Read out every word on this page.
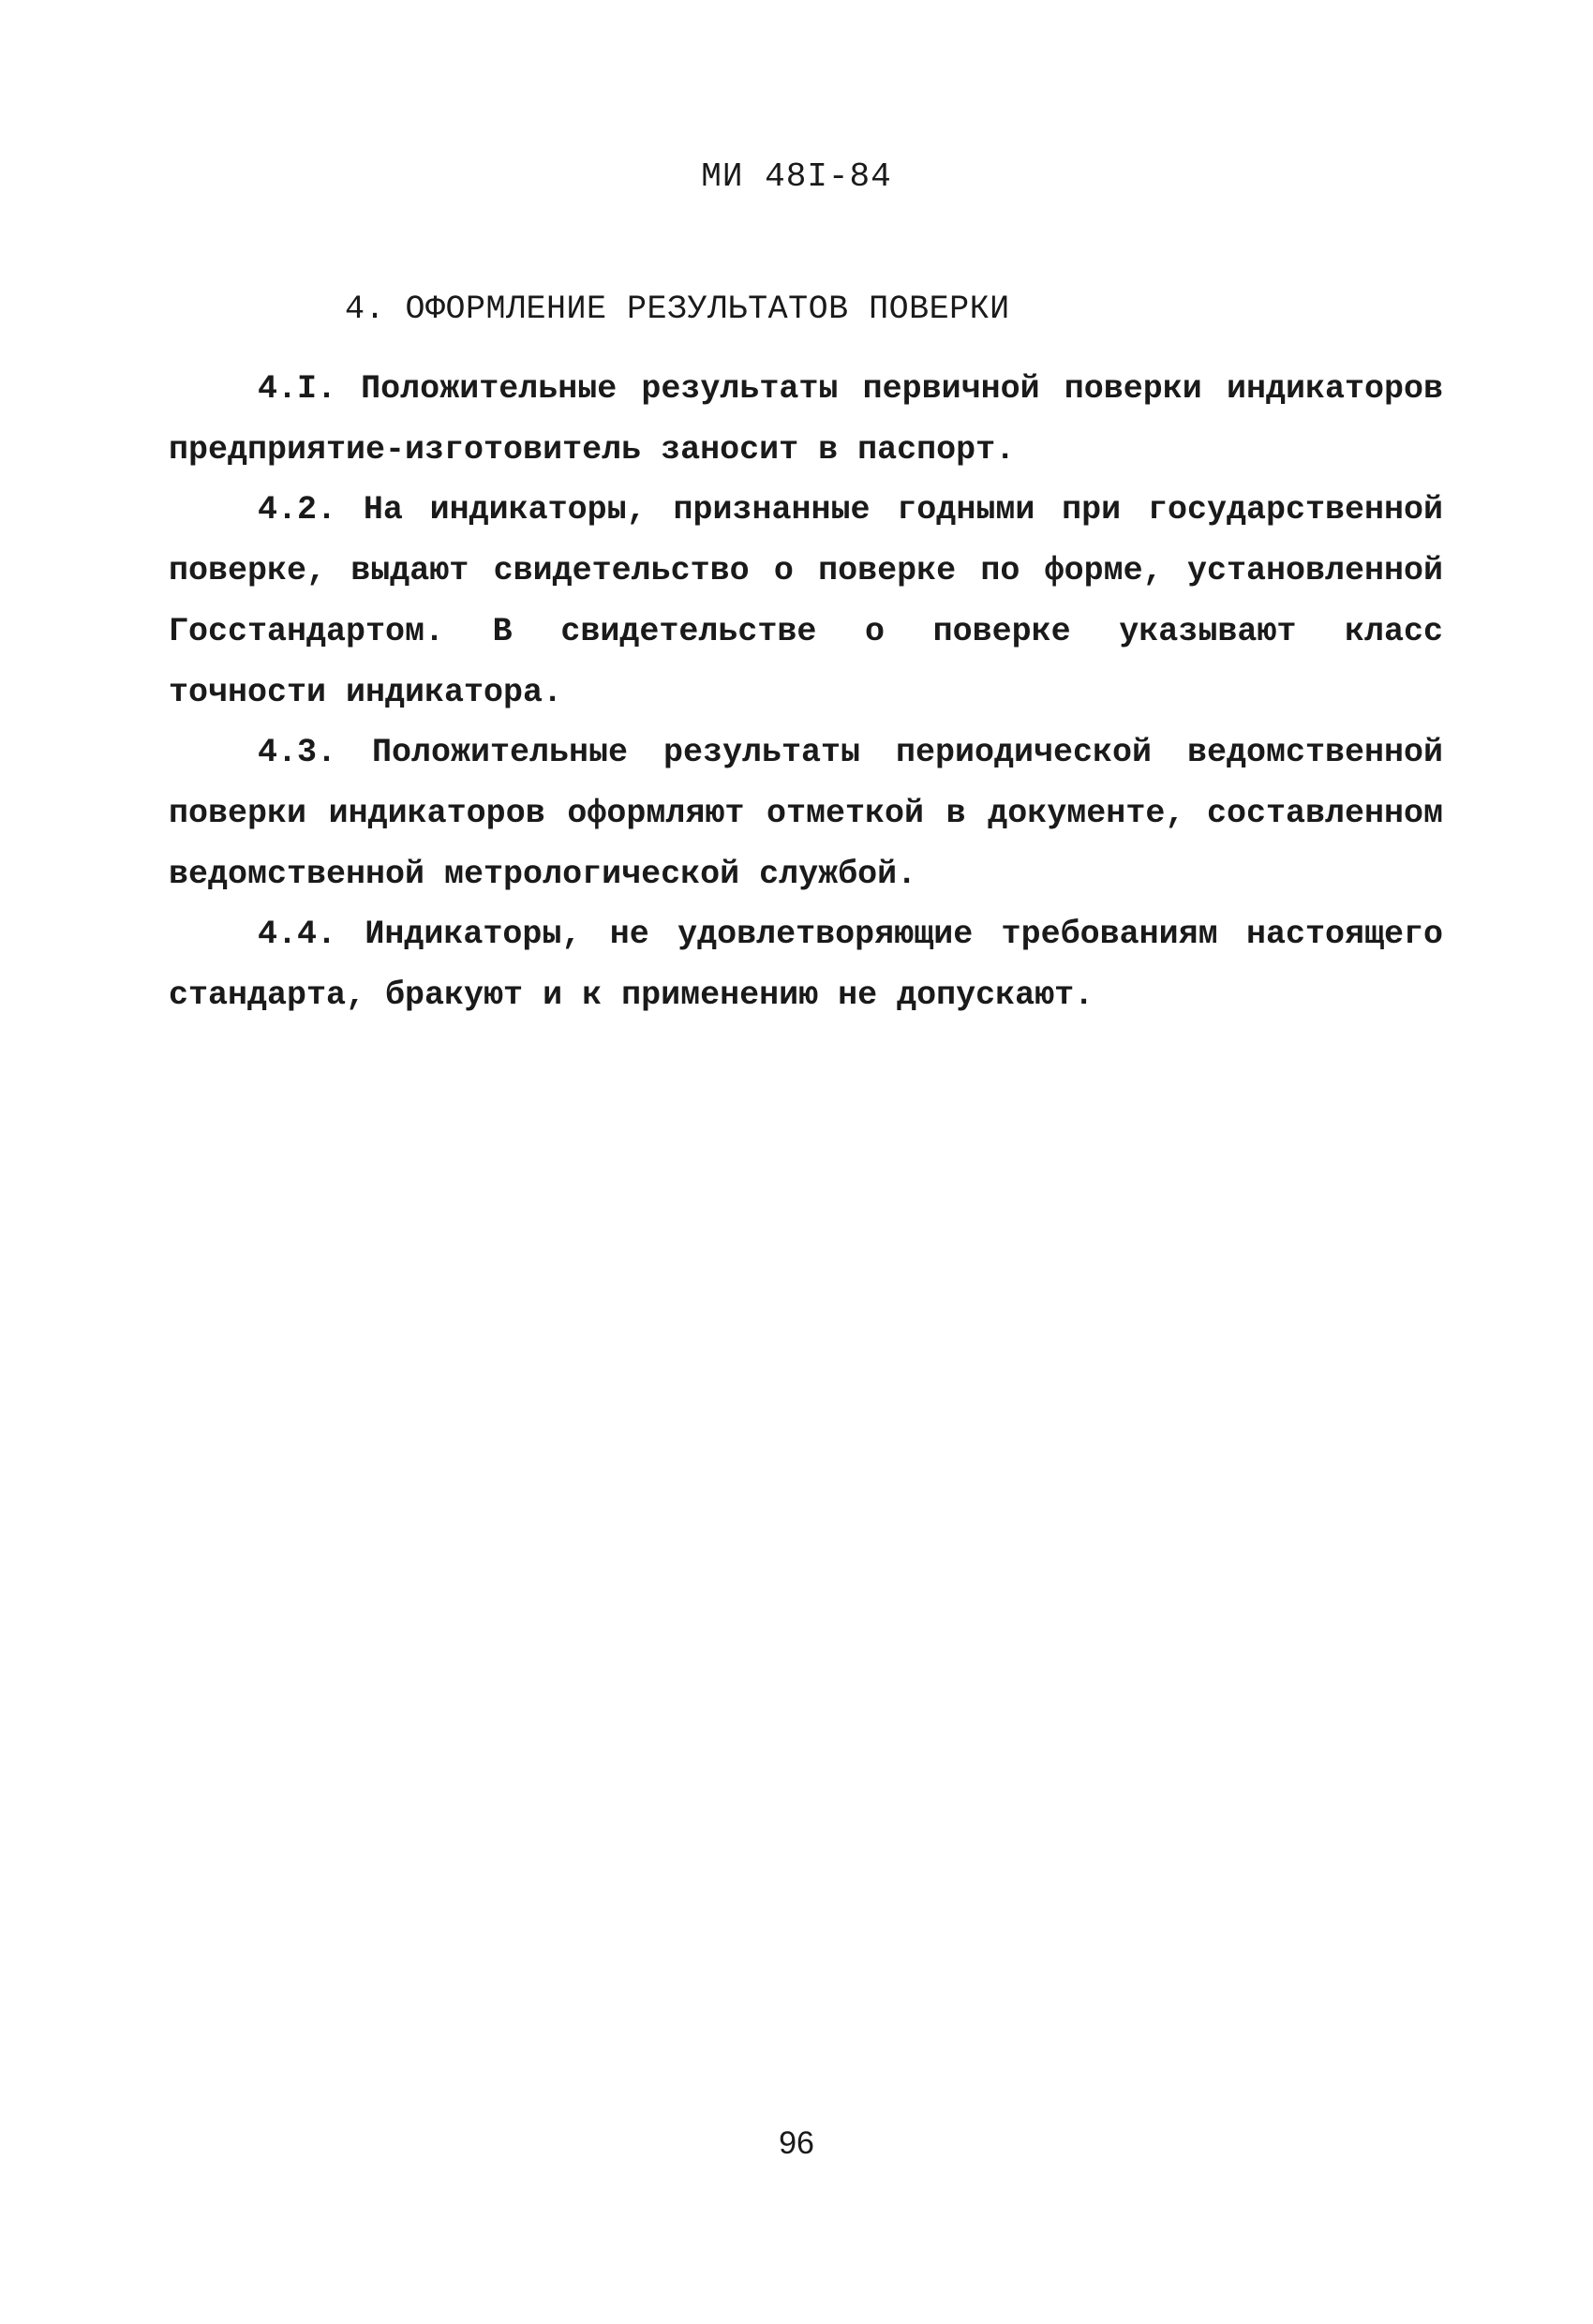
МИ 48I-84
4. ОФОРМЛЕНИЕ РЕЗУЛЬТАТОВ ПОВЕРКИ

4.I. Положительные результаты первичной поверки индикаторов предприятие-изготовитель заносит в паспорт.

4.2. На индикаторы, признанные годными при государственной поверке, выдают свидетельство о поверке по форме, установленной Госстандартом. В свидетельстве о поверке указывают класс точности индикатора.

4.3. Положительные результаты периодической ведомственной поверки индикаторов оформляют отметкой в документе, составленном ведомственной метрологической службой.

4.4. Индикаторы, не удовлетворяющие требованиям настоящего стандарта, бракуют и к применению не допускают.

96
